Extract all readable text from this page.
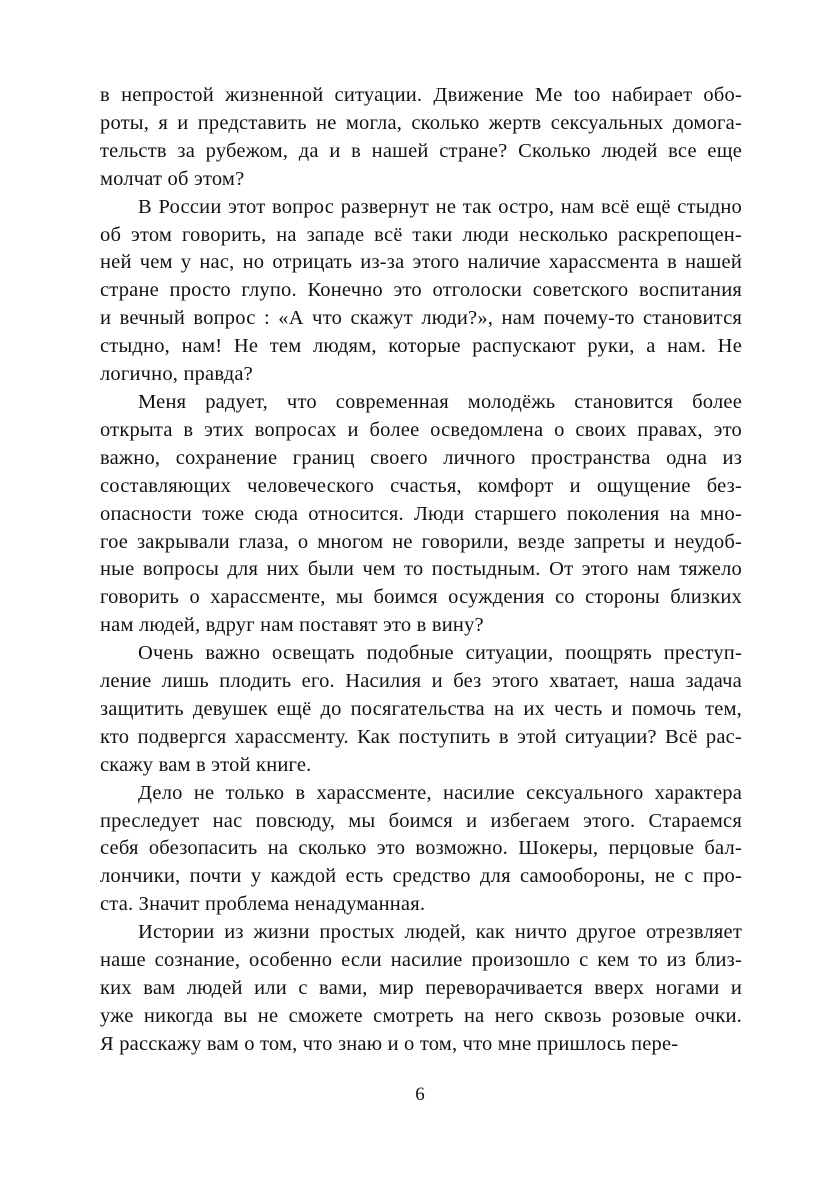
в непростой жизненной ситуации. Движение Me too набирает обо-
роты, я и представить не могла, сколько жертв сексуальных домога-
тельств за рубежом, да и в нашей стране? Сколько людей все еще
молчат об этом?
В России этот вопрос развернут не так остро, нам всё ещё стыдно
об этом говорить, на западе всё таки люди несколько раскрепощен-
ней чем у нас, но отрицать из-за этого наличие харассмента в нашей
стране просто глупо. Конечно это отголоски советского воспитания
и вечный вопрос : «А что скажут люди?», нам почему-то становится
стыдно, нам! Не тем людям, которые распускают руки, а нам. Не
логично, правда?
Меня радует, что современная молодёжь становится более
открыта в этих вопросах и более осведомлена о своих правах, это
важно, сохранение границ своего личного пространства одна из
составляющих человеческого счастья, комфорт и ощущение без-
опасности тоже сюда относится. Люди старшего поколения на мно-
гое закрывали глаза, о многом не говорили, везде запреты и неудоб-
ные вопросы для них были чем то постыдным. От этого нам тяжело
говорить о харассменте, мы боимся осуждения со стороны близких
нам людей, вдруг нам поставят это в вину?
Очень важно освещать подобные ситуации, поощрять преступ-
ление лишь плодить его. Насилия и без этого хватает, наша задача
защитить девушек ещё до посягательства на их честь и помочь тем,
кто подвергся харассменту. Как поступить в этой ситуации? Всё рас-
скажу вам в этой книге.
Дело не только в харассменте, насилие сексуального характера
преследует нас повсюду, мы боимся и избегаем этого. Стараемся
себя обезопасить на сколько это возможно. Шокеры, перцовые бал-
лончики, почти у каждой есть средство для самообороны, не с про-
ста. Значит проблема ненадуманная.
Истории из жизни простых людей, как ничто другое отрезвляет
наше сознание, особенно если насилие произошло с кем то из близ-
ких вам людей или с вами, мир переворачивается вверх ногами и
уже никогда вы не сможете смотреть на него сквозь розовые очки.
Я расскажу вам о том, что знаю и о том, что мне пришлось пере-
6
